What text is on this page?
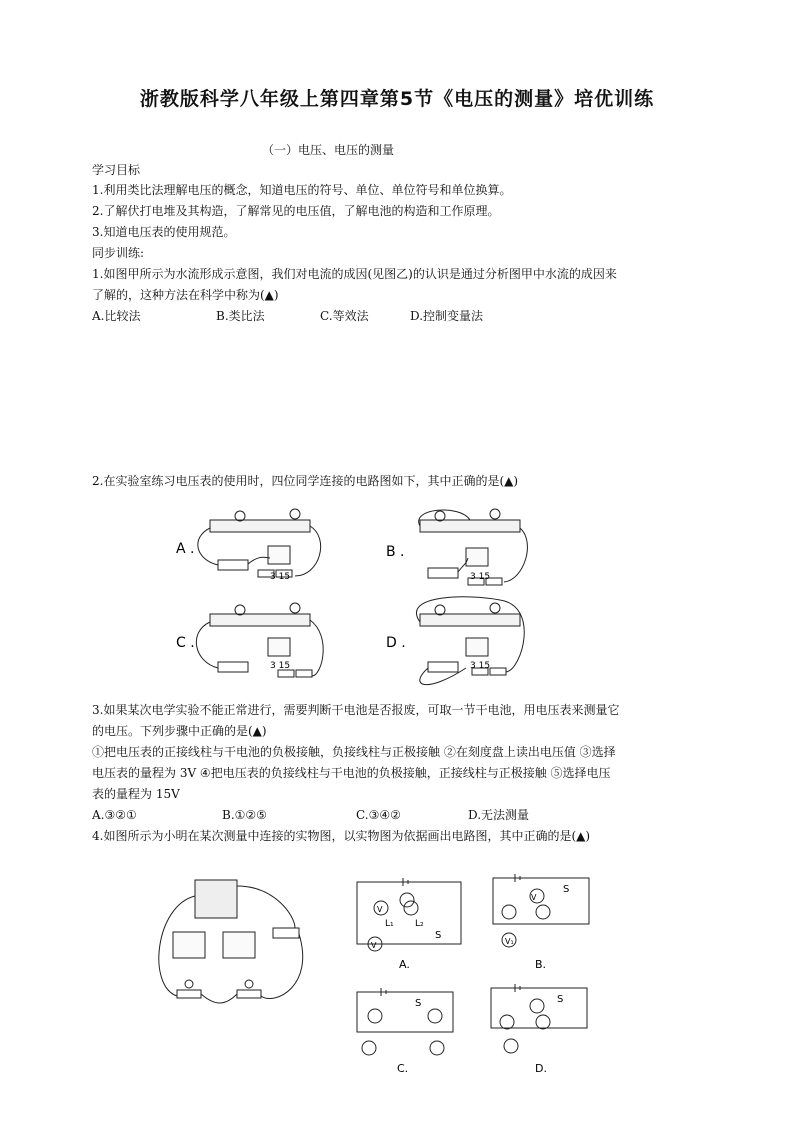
浙教版科学八年级上第四章第5节《电压的测量》培优训练
（一）电压、电压的测量
学习目标
1.利用类比法理解电压的概念，知道电压的符号、单位、单位符号和单位换算。
2.了解伏打电堆及其构造，了解常见的电压值，了解电池的构造和工作原理。
3.知道电压表的使用规范。
同步训练:
1.如图甲所示为水流形成示意图，我们对电流的成因(见图乙)的认识是通过分析图甲中水流的成因来
了解的，这种方法在科学中称为(▲)
A.比较法	B.类比法	C.等效法	D.控制变量法
2.在实验室练习电压表的使用时，四位同学连接的电路图如下，其中正确的是(▲)
A .	B .
C .	D .
3 15	3 15
3 15	3 15
3.如果某次电学实验不能正常进行，需要判断干电池是否报废，可取一节干电池，用电压表来测量它
的电压。下列步骤中正确的是(▲)
①把电压表的正接线柱与干电池的负极接触，负接线柱与正极接触 ②在刻度盘上读出电压值 ③选择
电压表的量程为 3V ④把电压表的负接线柱与干电池的负极接触，正接线柱与正极接触 ⑤选择电压
表的量程为 15V
A.③②①	B.①②⑤	C.③④②	D.无法测量
4.如图所示为小明在某次测量中连接的实物图，以实物图为依据画出电路图，其中正确的是(▲)
A.	B.
C.	D.
V
V
V
V₁
L₁ L₂
S
S
S	S
